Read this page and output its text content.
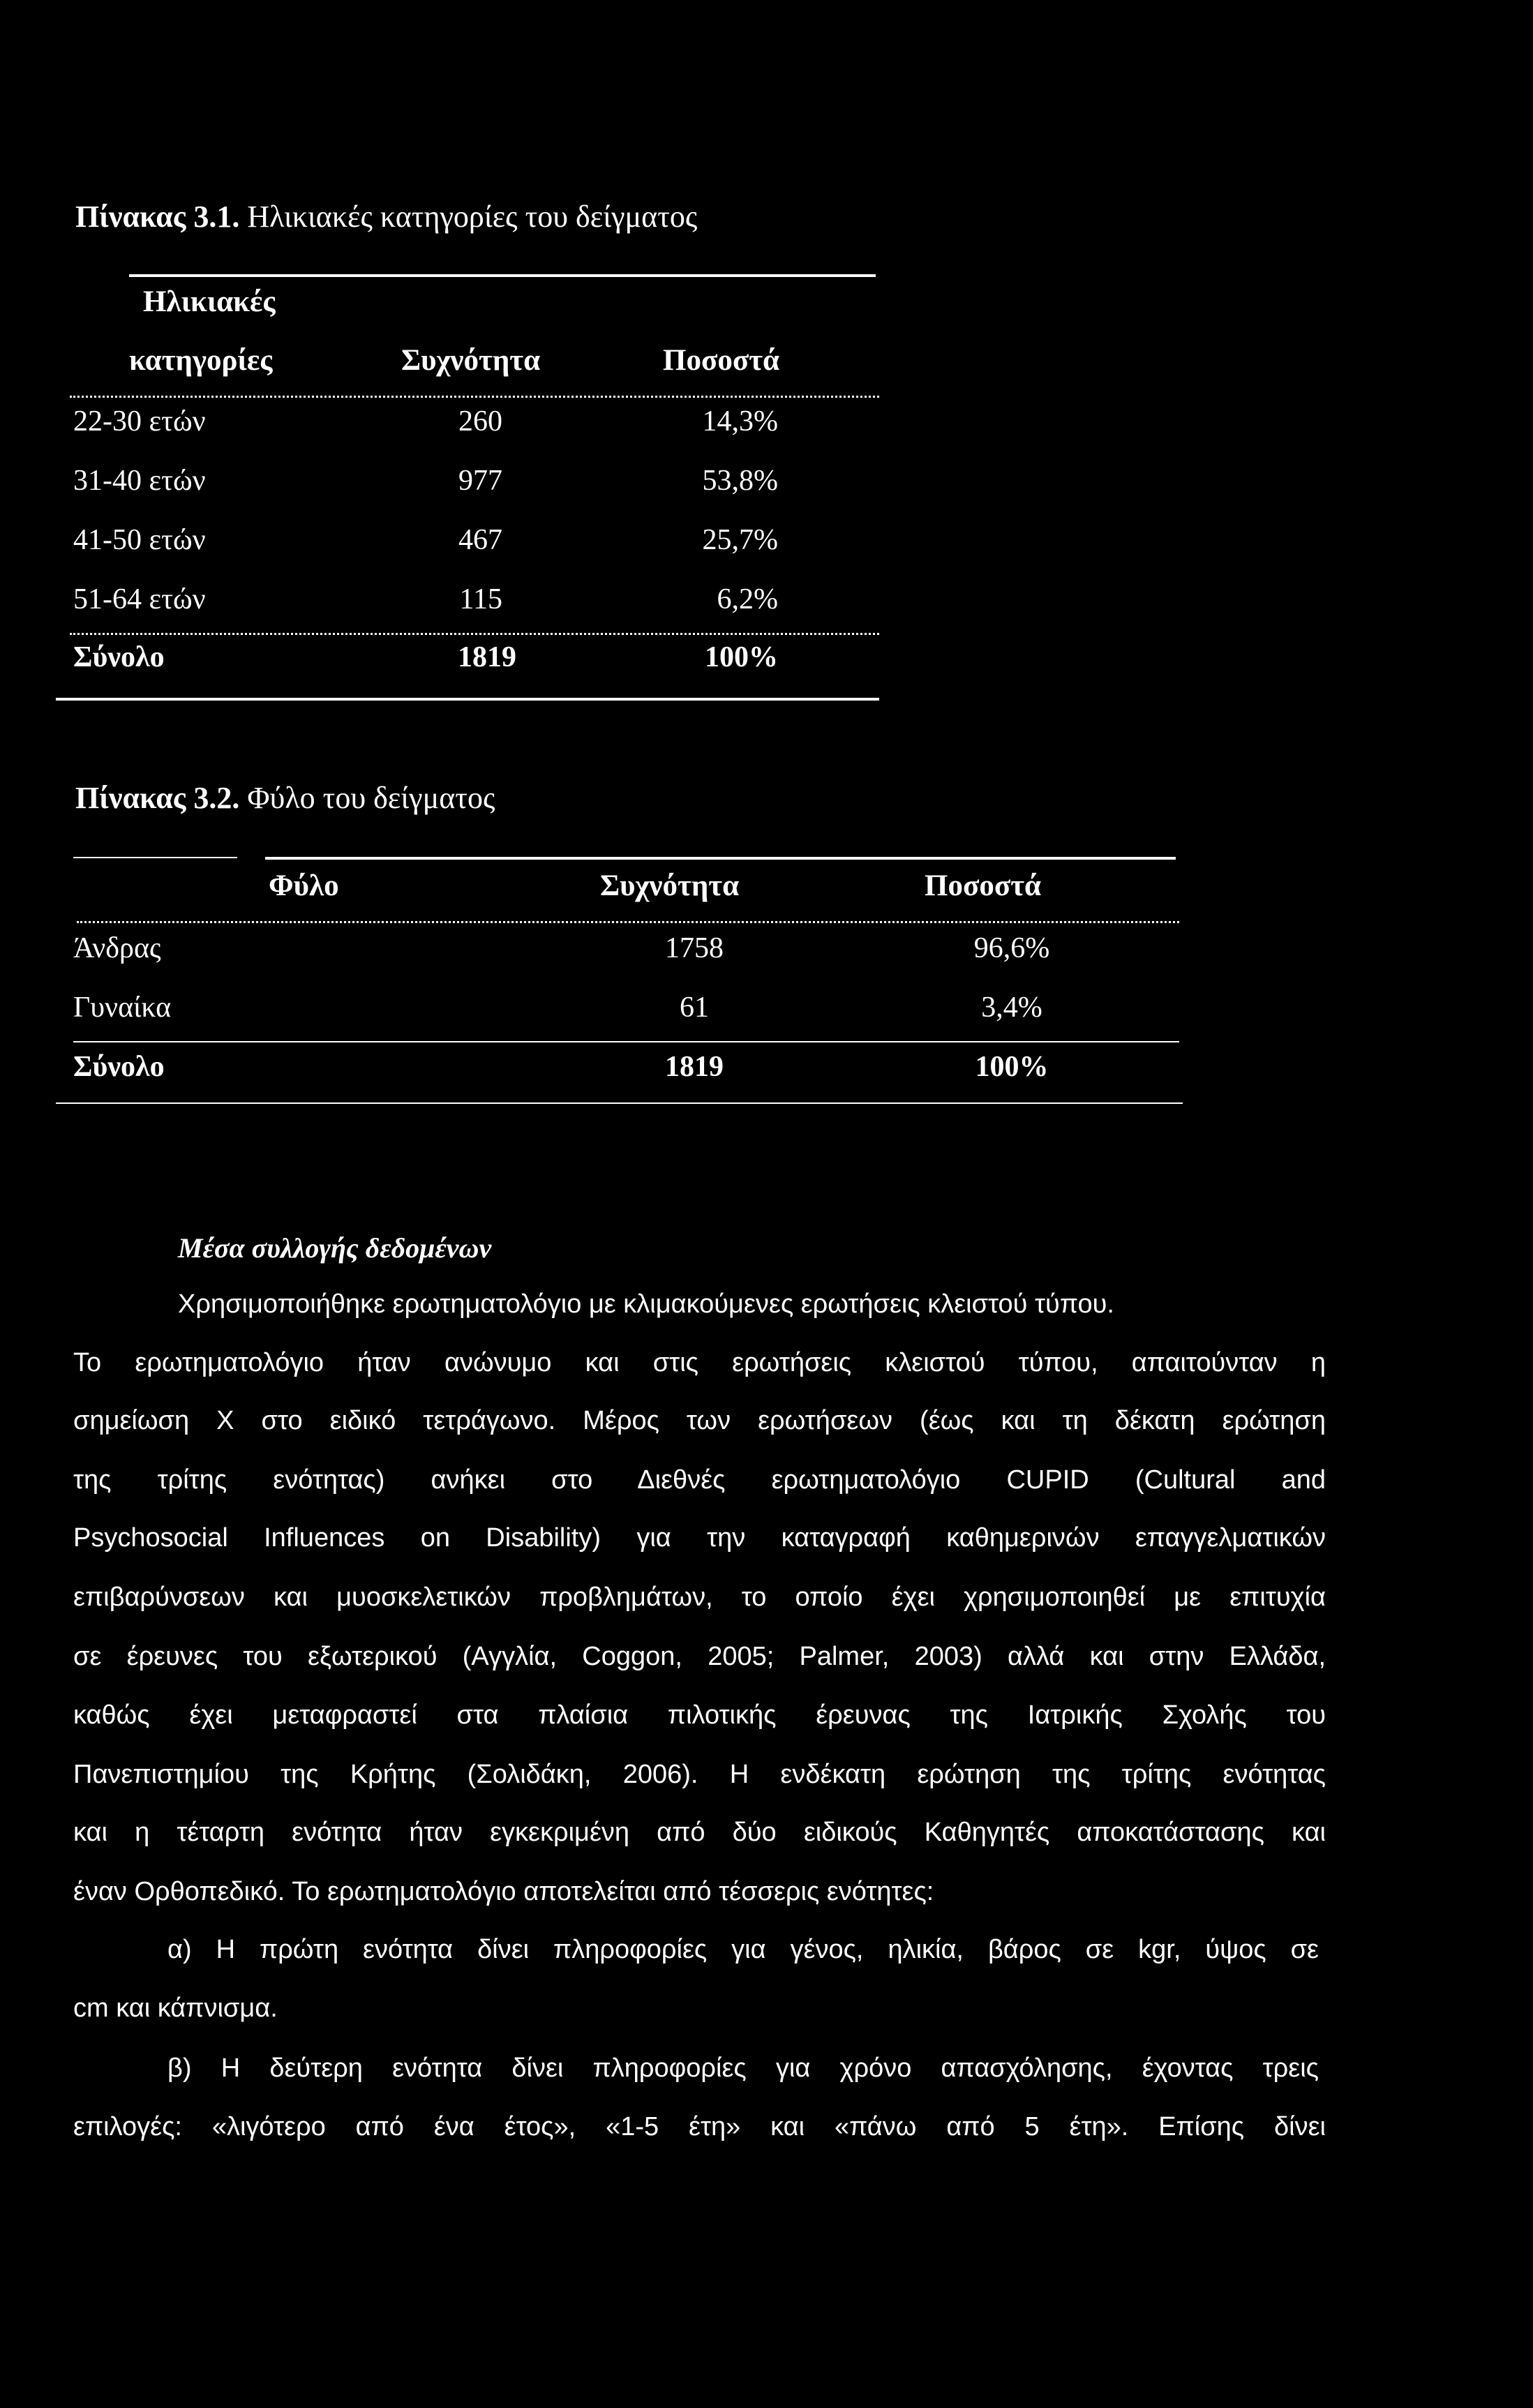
Πίνακας 3.1. Ηλικιακές κατηγορίες του δείγματος
Ηλικιακές
κατηγορίες	Συχνότητα	Ποσοστά
22-30 ετών	260	14,3%
31-40 ετών	977	53,8%
41-50 ετών	467	25,7%
51-64 ετών	115	6,2%
Σύνολο	1819	100%
Πίνακας 3.2. Φύλο του δείγματος
Φύλο	Συχνότητα	Ποσοστά
Άνδρας	1758	96,6%
Γυναίκα	61	3,4%
Σύνολο	1819	100%
Μέσα συλλογής δεδομένων
Χρησιμοποιήθηκε ερωτηματολόγιο με κλιμακούμενες ερωτήσεις κλειστού τύπου.
Το ερωτηματολόγιο ήταν ανώνυμο και στις ερωτήσεις κλειστού τύπου, απαιτούνταν η
σημείωση Χ στο ειδικό τετράγωνο. Μέρος των ερωτήσεων (έως και τη δέκατη ερώτηση
της τρίτης ενότητας) ανήκει στο Διεθνές ερωτηματολόγιο CUPID (Cultural and
Psychosocial Influences on Disability) για την καταγραφή καθημερινών επαγγελματικών
επιβαρύνσεων και μυοσκελετικών προβλημάτων, το οποίο έχει χρησιμοποιηθεί με επιτυχία
σε έρευνες του εξωτερικού (Αγγλία, Coggon, 2005; Palmer, 2003) αλλά και στην Ελλάδα,
καθώς έχει μεταφραστεί στα πλαίσια πιλοτικής έρευνας της Ιατρικής Σχολής του
Πανεπιστημίου της Κρήτης (Σολιδάκη, 2006). Η ενδέκατη ερώτηση της τρίτης ενότητας
και η τέταρτη ενότητα ήταν εγκεκριμένη από δύο ειδικούς Καθηγητές αποκατάστασης και
έναν Ορθοπεδικό. Το ερωτηματολόγιο αποτελείται από τέσσερις ενότητες:
α) Η πρώτη ενότητα δίνει πληροφορίες για γένος, ηλικία, βάρος σε kgr, ύψος σε
cm και κάπνισμα.
β) Η δεύτερη ενότητα δίνει πληροφορίες για χρόνο απασχόλησης, έχοντας τρεις
επιλογές: «λιγότερο από ένα έτος», «1-5 έτη» και «πάνω από 5 έτη». Επίσης δίνει
